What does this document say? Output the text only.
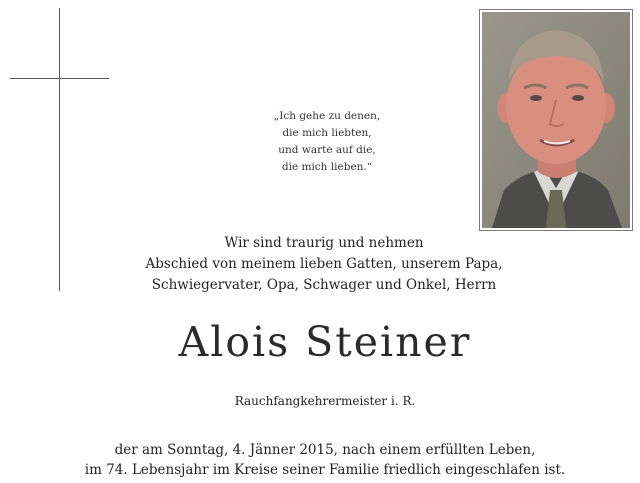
„Ich gehe zu denen,
die mich liebten,
und warte auf die,
die mich lieben.“
Wir sind traurig und nehmen
Abschied von meinem lieben Gatten, unserem Papa,
Schwiegervater, Opa, Schwager und Onkel, Herrn
Alois Steiner
Rauchfangkehrermeister i. R.
der am Sonntag, 4. Jänner 2015, nach einem erfüllten Leben,
im 74. Lebensjahr im Kreise seiner Familie friedlich eingeschlafen ist.
